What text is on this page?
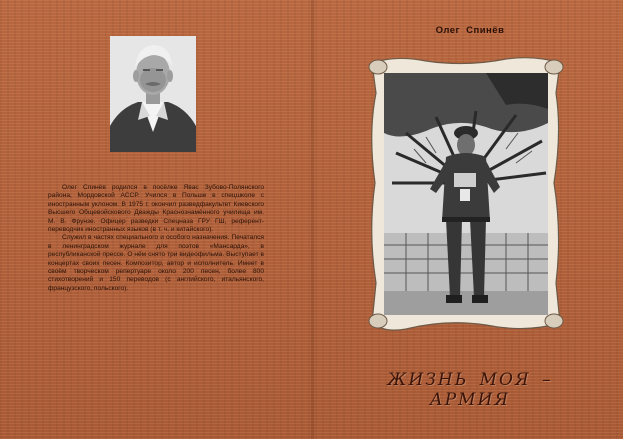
Олег Спинёв родился в посёлке Явас Зубово-Полянского района, Мордовской АССР. Учился в Польше в спецшколе с иностранным уклоном. В 1975 г. окончил разведфакультет Киевского Высшего Общевойскового Дважды Краснознамённого училища им. М. В. Фрунзе. Офицер разведки Спецназа ГРУ ГШ, референт-переводчик иностранных языков (в т. ч. и китайского).

Служил в частях специального и особого назначения. Печатался в ленинградском журнале для поэтов «Мансарда», в республиканской прессе. О нём снято три видеофильма. Выступает в концертах своих песен. Композитор, автор и исполнитель. Имеет в своём творческом репертуаре около 200 песен, более 800 стихотворений и 150 переводов (с английского, итальянского, французского, польского).

Олег Спинёв
ЖИЗНЬ МОЯ – АРМИЯ
